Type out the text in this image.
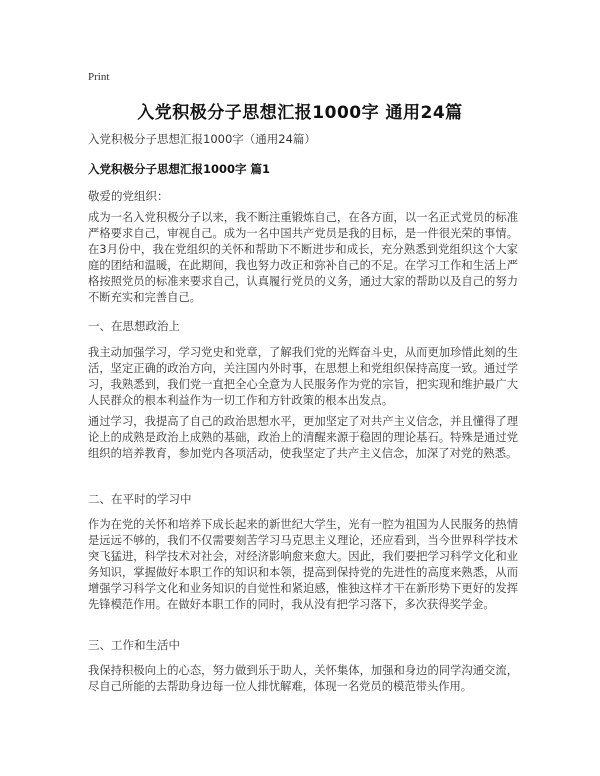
Print
入党积极分子思想汇报1000字 通用24篇
入党积极分子思想汇报1000字（通用24篇）
入党积极分子思想汇报1000字 篇1
敬爱的党组织：
成为一名入党积极分子以来，我不断注重锻炼自己，在各方面，以一名正式党员的标准严格要求自己，审视自己。成为一名中国共产党员是我的目标，是一件很光荣的事情。在3月份中，我在党组织的关怀和帮助下不断进步和成长，充分熟悉到党组织这个大家庭的团结和温暖，在此期间，我也努力改正和弥补自己的不足。在学习工作和生活上严格按照党员的标准来要求自己，认真履行党员的义务，通过大家的帮助以及自己的努力不断充实和完善自己。
一、在思想政治上
我主动加强学习，学习党史和党章，了解我们党的光辉奋斗史，从而更加珍惜此刻的生活，坚定正确的政治方向，关注国内外时事，在思想上和党组织保持高度一致。通过学习，我熟悉到，我们党一直把全心全意为人民服务作为党的宗旨，把实现和维护最广大人民群众的根本利益作为一切工作和方针政策的根本出发点。
通过学习，我提高了自己的政治思想水平，更加坚定了对共产主义信念，并且懂得了理论上的成熟是政治上成熟的基础，政治上的清醒来源于稳固的理论基石。特殊是通过党组织的培养教育，参加党内各项活动，使我坚定了共产主义信念，加深了对党的熟悉。
二、在平时的学习中
作为在党的关怀和培养下成长起来的新世纪大学生，光有一腔为祖国为人民服务的热情是远远不够的，我们不仅需要刻苦学习马克思主义理论，还应看到，当今世界科学技术突飞猛进，科学技术对社会，对经济影响愈来愈大。因此，我们要把学习科学文化和业务知识，掌握做好本职工作的知识和本领，提高到保持党的先进性的高度来熟悉，从而增强学习科学文化和业务知识的自觉性和紧迫感，惟独这样才干在新形势下更好的发挥先锋模范作用。在做好本职工作的同时，我从没有把学习落下，多次获得奖学金。
三、工作和生活中
我保持积极向上的心态，努力做到乐于助人，关怀集体，加强和身边的同学沟通交流，尽自己所能的去帮助身边每一位人排忧解难，体现一名党员的模范带头作用。
